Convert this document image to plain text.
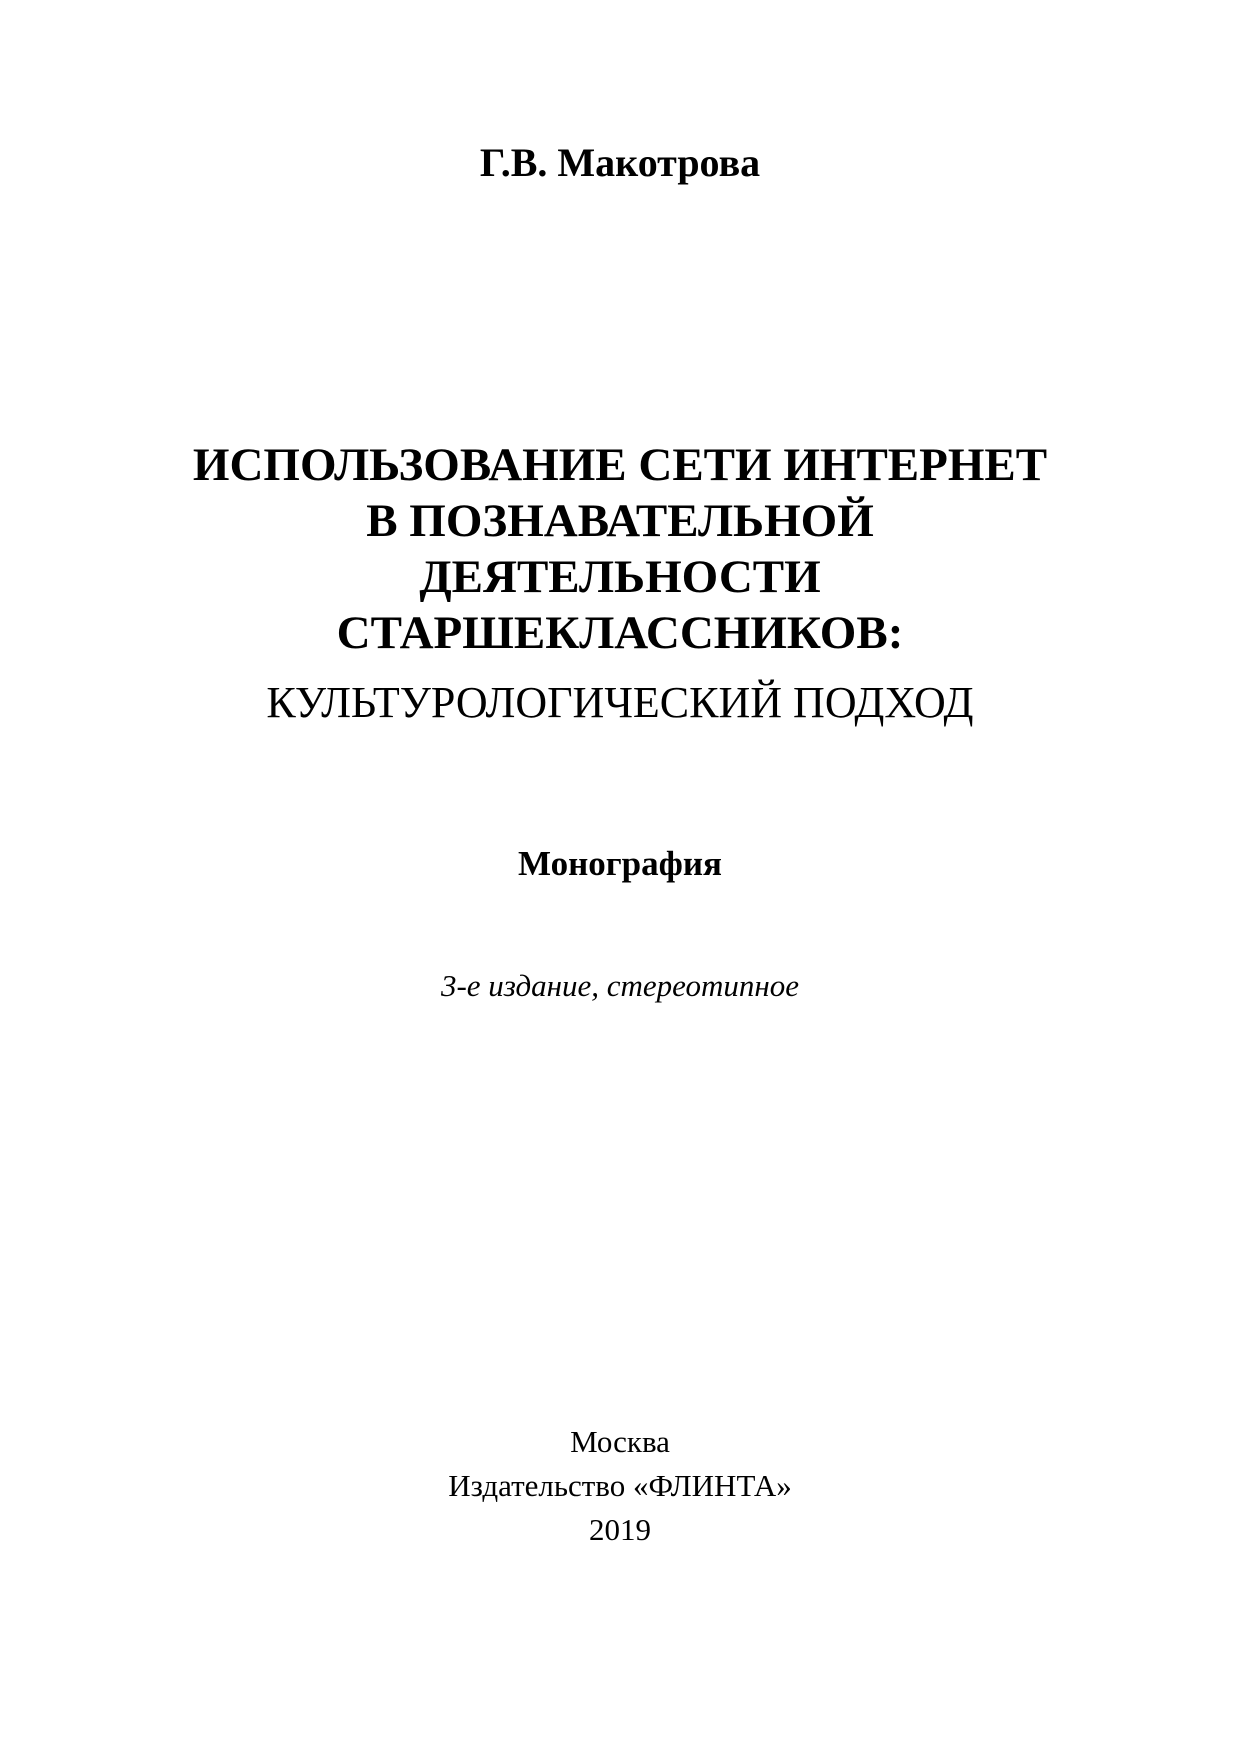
Г.В. Макотрова
ИСПОЛЬЗОВАНИЕ СЕТИ ИНТЕРНЕТ
В ПОЗНАВАТЕЛЬНОЙ
ДЕЯТЕЛЬНОСТИ
СТАРШЕКЛАССНИКОВ:
КУЛЬТУРОЛОГИЧЕСКИЙ ПОДХОД
Монография
3-е издание, стереотипное
Москва
Издательство «ФЛИНТА»
2019
